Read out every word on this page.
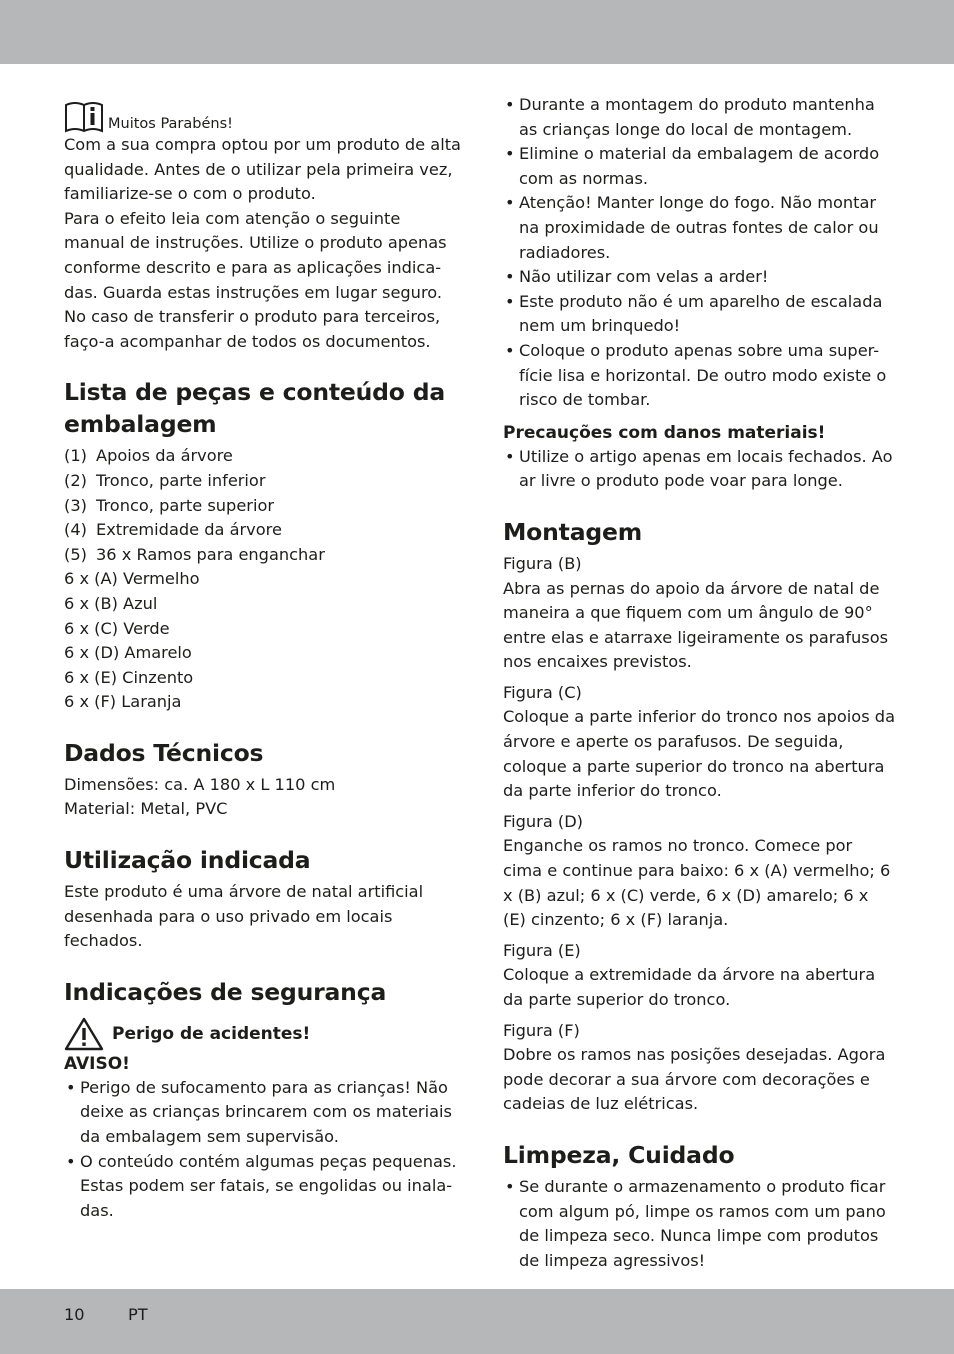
Muitos Parabéns!

Com a sua compra optou por um produto de alta qualidade. Antes de o utilizar pela primeira vez, familiarize-se o com o produto.

Para o efeito leia com atenção o seguinte manual de instruções. Utilize o produto apenas conforme descrito e para as aplicações indica-das. Guarda estas instruções em lugar seguro. No caso de transferir o produto para terceiros, faço-a acompanhar de todos os documentos.

Lista de peças e conteúdo da embalagem
(1) Apoios da árvore
(2) Tronco, parte inferior
(3) Tronco, parte superior
(4) Extremidade da árvore
(5) 36 x Ramos para enganchar

6 x (A) Vermelho

6 x (B) Azul

6 x (C) Verde

6 x (D) Amarelo

6 x (E) Cinzento

6 x (F) Laranja

Dados Técnicos

Dimensões: ca. A 180 x L 110 cm

Material: Metal, PVC

Utilização indicada

Este produto é uma árvore de natal artificial desenhada para o uso privado em locais fechados.

Indicações de segurança
Perigo de acidentes!
AVISO!
• Perigo de sufocamento para as crianças! Não deixe as crianças brincarem com os materiais da embalagem sem supervisão.
• O conteúdo contém algumas peças pequenas. Estas podem ser fatais, se engolidas ou inala-das.
• Durante a montagem do produto mantenha as crianças longe do local de montagem.
• Elimine o material da embalagem de acordo com as normas.
• Atenção! Manter longe do fogo. Não montar na proximidade de outras fontes de calor ou radiadores.
• Não utilizar com velas a arder!
• Este produto não é um aparelho de escalada nem um brinquedo!
• Coloque o produto apenas sobre uma super-fície lisa e horizontal. De outro modo existe o risco de tombar.
Precauções com danos materiais!
• Utilize o artigo apenas em locais fechados. Ao ar livre o produto pode voar para longe.
Montagem

Figura (B)

Abra as pernas do apoio da árvore de natal de maneira a que fiquem com um ângulo de 90° entre elas e atarraxe ligeiramente os parafusos nos encaixes previstos.

Figura (C)

Coloque a parte inferior do tronco nos apoios da árvore e aperte os parafusos. De seguida, coloque a parte superior do tronco na abertura da parte inferior do tronco.

Figura (D)

Enganche os ramos no tronco. Comece por cima e continue para baixo: 6 x (A) vermelho; 6 x (B) azul; 6 x (C) verde, 6 x (D) amarelo; 6 x (E) cinzento; 6 x (F) laranja.

Figura (E)

Coloque a extremidade da árvore na abertura da parte superior do tronco.

Figura (F)

Dobre os ramos nas posições desejadas. Agora pode decorar a sua árvore com decorações e cadeias de luz elétricas.

Limpeza, Cuidado
• Se durante o armazenamento o produto ficar com algum pó, limpe os ramos com um pano de limpeza seco. Nunca limpe com produtos de limpeza agressivos!
10	PT
